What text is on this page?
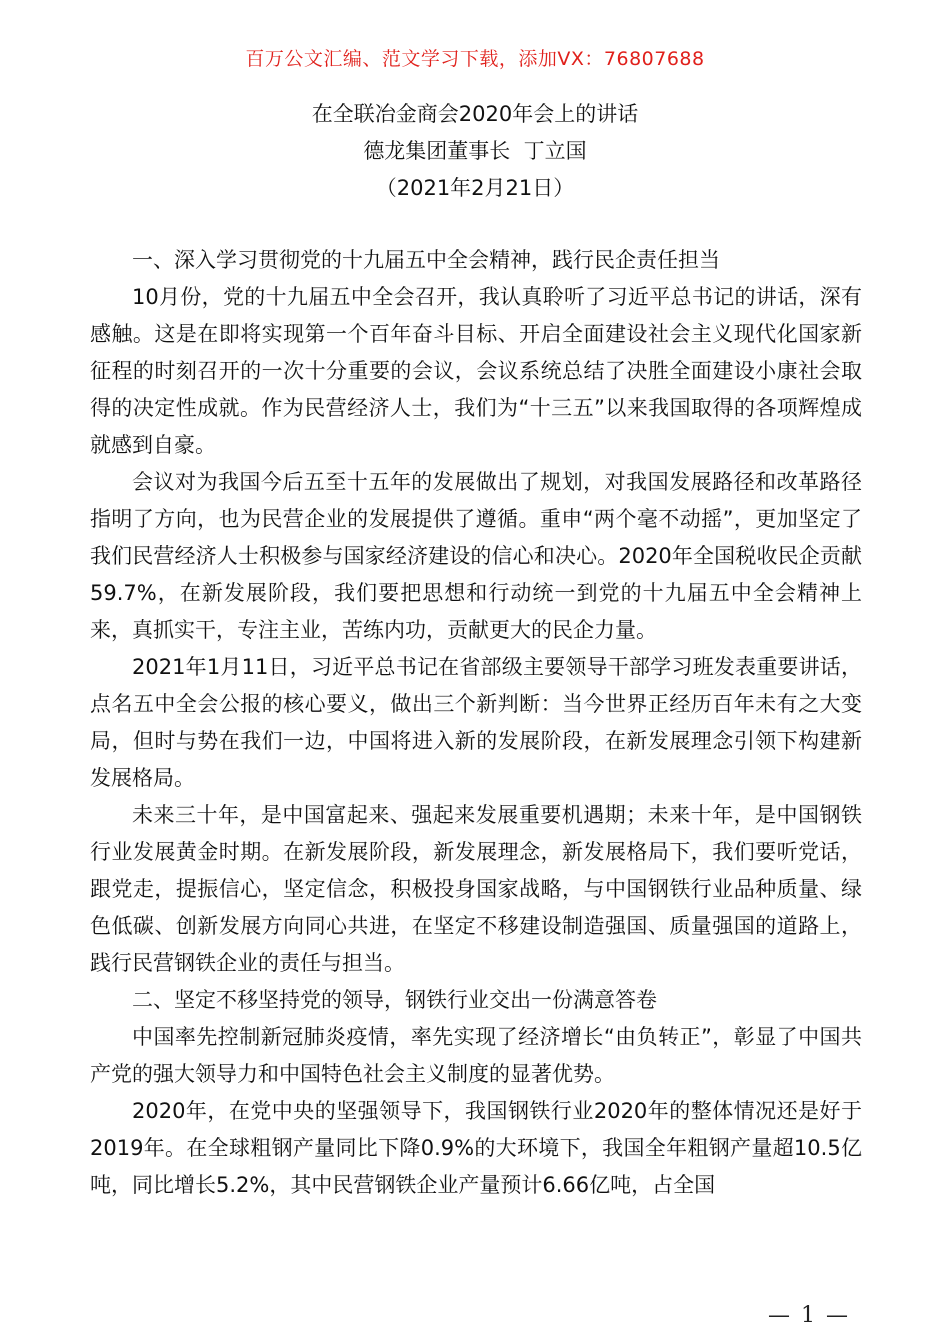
百万公文汇编、范文学习下载，添加VX：76807688
在全联冶金商会2020年会上的讲话
德龙集团董事长  丁立国
（2021年2月21日）

一、深入学习贯彻党的十九届五中全会精神，践行民企责任担当

10月份，党的十九届五中全会召开，我认真聆听了习近平总书记的讲话，深有感触。这是在即将实现第一个百年奋斗目标、开启全面建设社会主义现代化国家新征程的时刻召开的一次十分重要的会议，会议系统总结了决胜全面建设小康社会取得的决定性成就。作为民营经济人士，我们为“十三五”以来我国取得的各项辉煌成就感到自豪。

会议对为我国今后五至十五年的发展做出了规划，对我国发展路径和改革路径指明了方向，也为民营企业的发展提供了遵循。重申“两个毫不动摇”，更加坚定了我们民营经济人士积极参与国家经济建设的信心和决心。2020年全国税收民企贡献59.7%，在新发展阶段，我们要把思想和行动统一到党的十九届五中全会精神上来，真抓实干，专注主业，苦练内功，贡献更大的民企力量。

2021年1月11日，习近平总书记在省部级主要领导干部学习班发表重要讲话，点名五中全会公报的核心要义，做出三个新判断：当今世界正经历百年未有之大变局，但时与势在我们一边，中国将进入新的发展阶段，在新发展理念引领下构建新发展格局。

未来三十年，是中国富起来、强起来发展重要机遇期；未来十年，是中国钢铁行业发展黄金时期。在新发展阶段，新发展理念，新发展格局下，我们要听党话，跟党走，提振信心，坚定信念，积极投身国家战略，与中国钢铁行业品种质量、绿色低碳、创新发展方向同心共进，在坚定不移建设制造强国、质量强国的道路上，践行民营钢铁企业的责任与担当。

二、坚定不移坚持党的领导，钢铁行业交出一份满意答卷

中国率先控制新冠肺炎疫情，率先实现了经济增长“由负转正”，彰显了中国共产党的强大领导力和中国特色社会主义制度的显著优势。

2020年，在党中央的坚强领导下，我国钢铁行业2020年的整体情况还是好于2019年。在全球粗钢产量同比下降0.9%的大环境下，我国全年粗钢产量超10.5亿吨，同比增长5.2%，其中民营钢铁企业产量预计6.66亿吨，占全国

— 1 —
